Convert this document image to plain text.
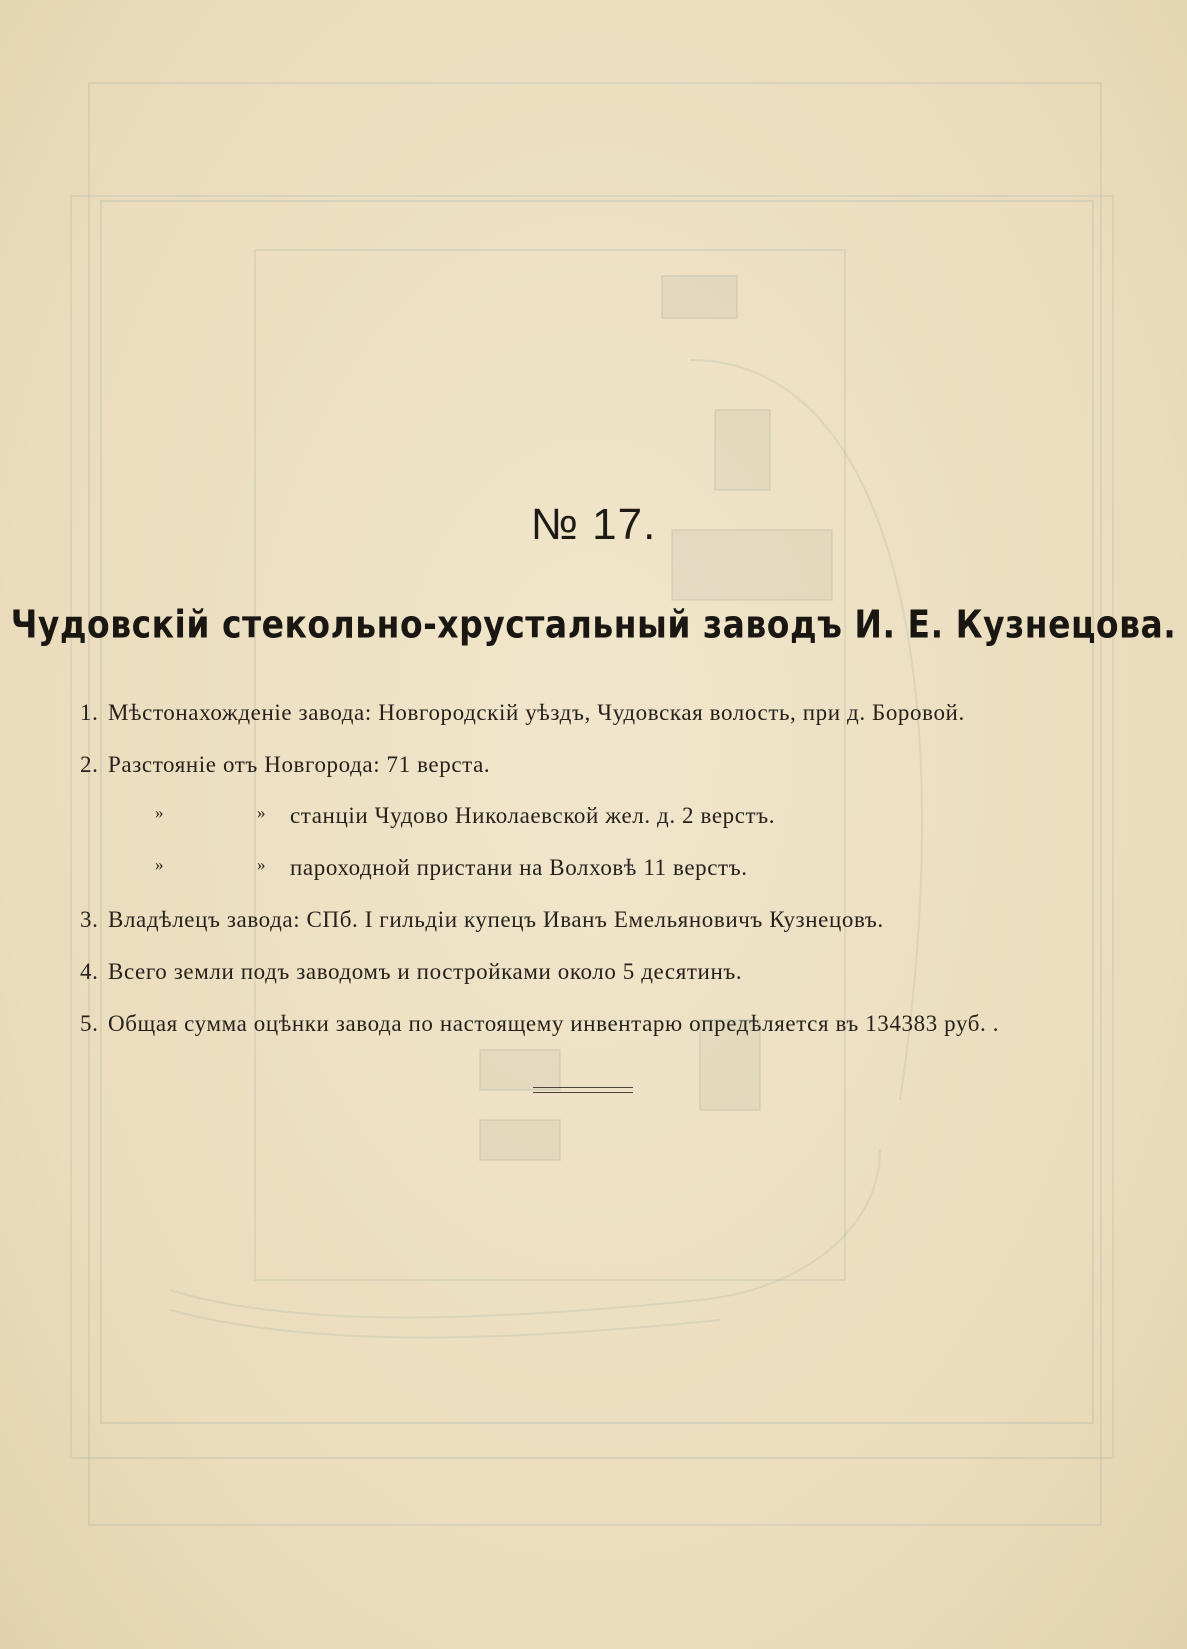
№ 17.
Чудовскій стекольно-хрустальный заводъ И. Е. Кузнецова.
1. Мѣстонахожденіе завода: Новгородскій уѣздъ, Чудовская волость, при д. Боровой.
2. Разстояніе отъ Новгорода: 71 верста.
»	» станціи Чудово Николаевской жел. д. 2 верстъ.
»	» пароходной пристани на Волховѣ 11 верстъ.
3. Владѣлецъ завода: СПб. I гильдіи купецъ Иванъ Емельяновичъ Кузнецовъ.
4. Всего земли подъ заводомъ и постройками около 5 десятинъ.
5. Общая сумма оцѣнки завода по настоящему инвентарю опредѣляется въ 134383 руб. .
